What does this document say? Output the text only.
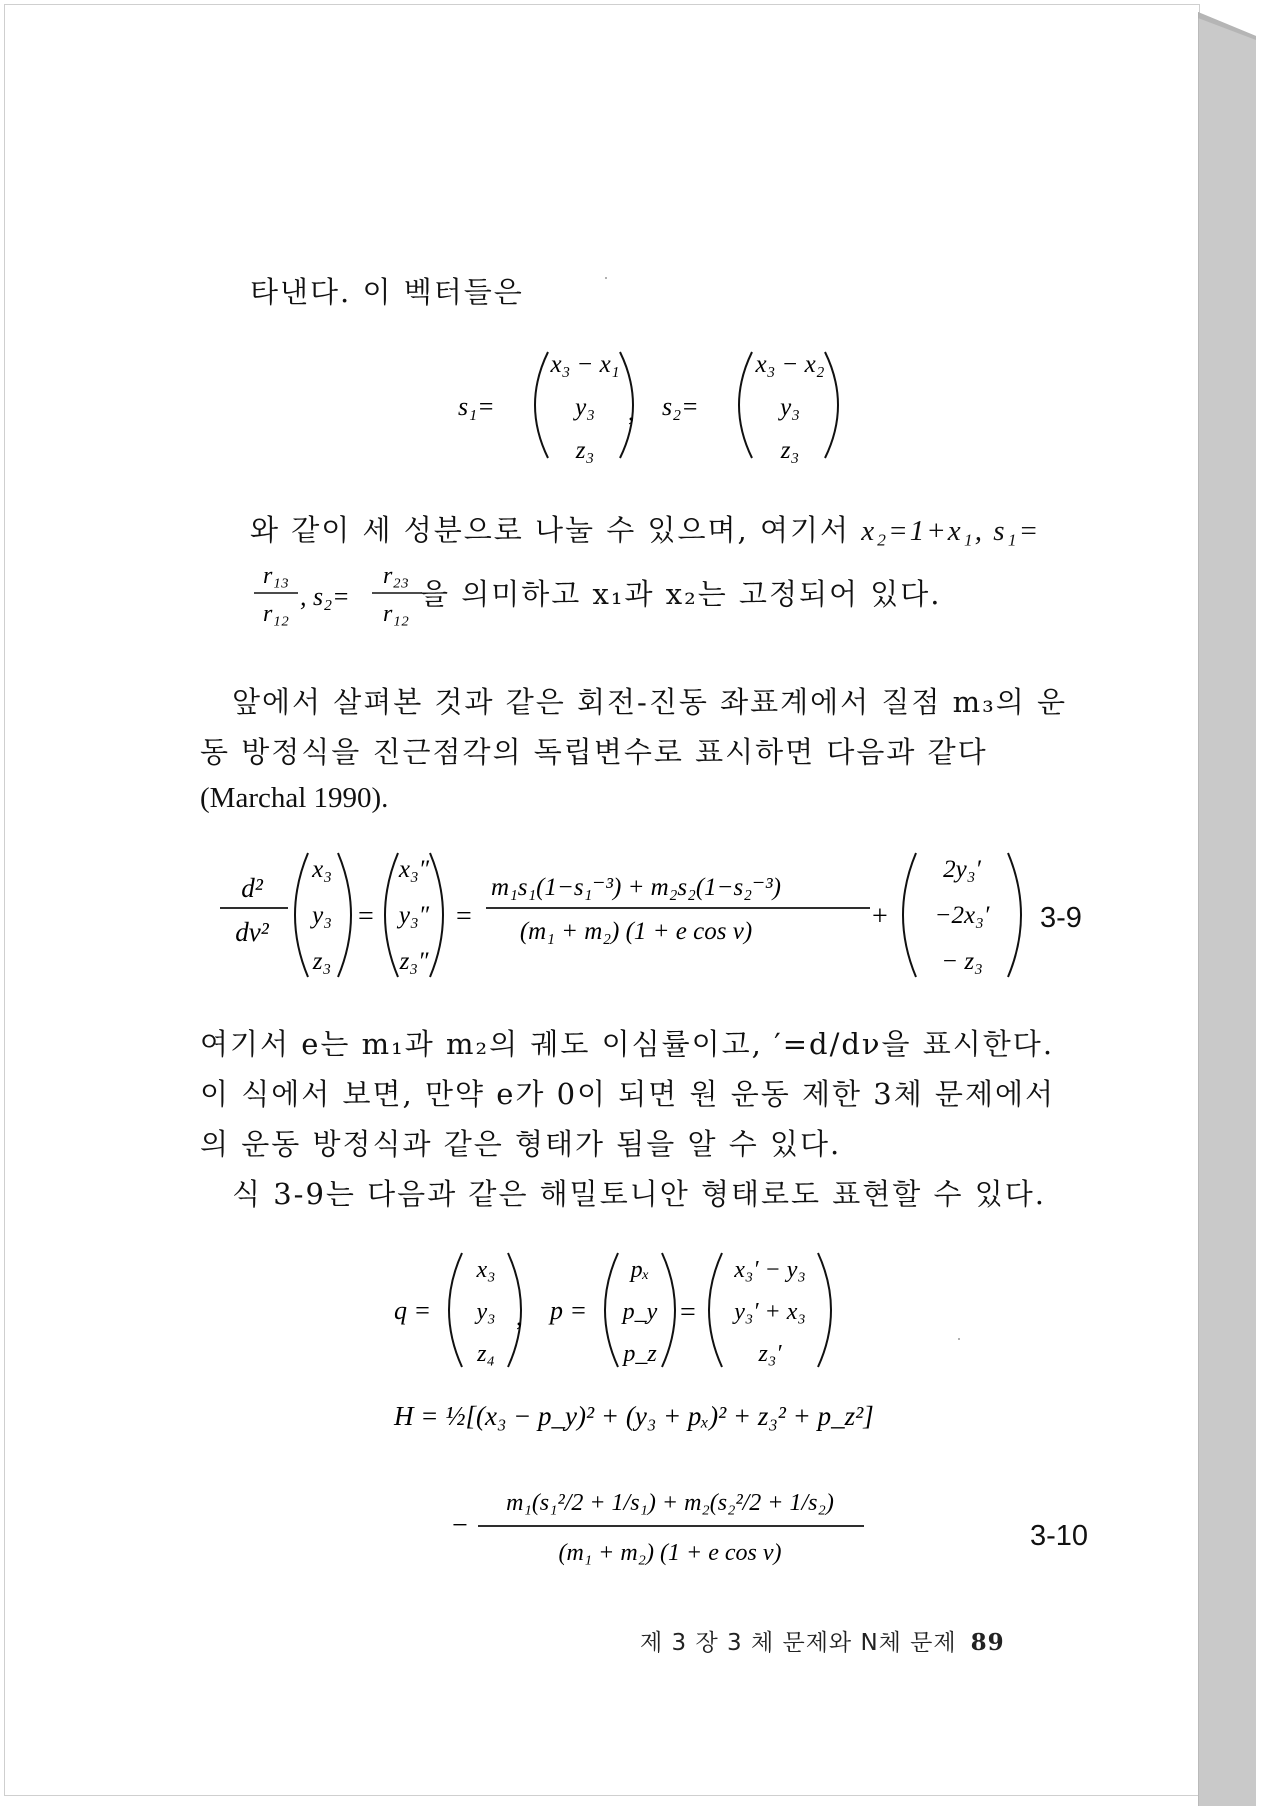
타낸다. 이 벡터들은
s₁=
x₃ − x₁
y₃
z₃
, s₂=
x₃ − x₂
y₃
z₃
와 같이 세 성분으로 나눌 수 있으며, 여기서 x₂=1+x₁, s₁=
r₁₃
r₁₂
, s₂=
r₂₃
r₁₂
을 의미하고 x₁과 x₂는 고정되어 있다.
앞에서 살펴본 것과 같은 회전-진동 좌표계에서 질점 m₃의 운
동 방정식을 진근점각의 독립변수로 표시하면 다음과 같다
(Marchal 1990).
d²
dν²
x₃
y₃
z₃
=
x₃″
y₃″
z₃″
=
m₁s₁(1−s₁⁻³) + m₂s₂(1−s₂⁻³)
(m₁ + m₂) (1 + e cos ν)	+
2y₃′
−2x₃′
− z₃
3-9
여기서 e는 m₁과 m₂의 궤도 이심률이고, ′=d/dν을 표시한다.
이 식에서 보면, 만약 e가 0이 되면 원 운동 제한 3체 문제에서
의 운동 방정식과 같은 형태가 됨을 알 수 있다.
식 3-9는 다음과 같은 해밀토니안 형태로도 표현할 수 있다.
q =
x₃
y₃
z₄
, p =
pₓ
p_y
p_z
=
x₃′ − y₃
y₃′ + x₃
z₃′
H = ½[(x₃ − p_y)² + (y₃ + pₓ)² + z₃² + p_z²]
−
m₁(s₁²/2 + 1/s₁) + m₂(s₂²/2 + 1/s₂)
(m₁ + m₂) (1 + e cos ν)
3-10
제 3 장 3 체 문제와 N체 문제 89
